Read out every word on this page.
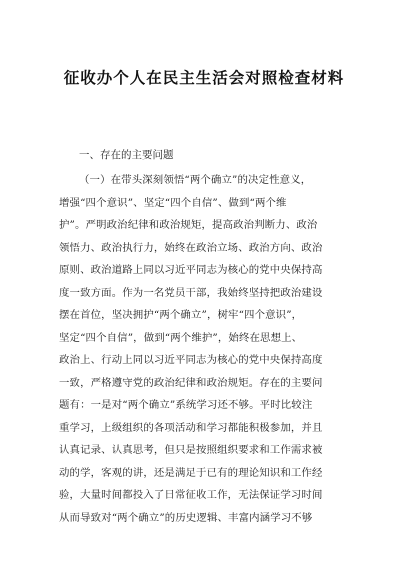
征收办个人在民主生活会对照检查材料
一、存在的主要问题
（一）在带头深刻领悟“两个确立”的决定性意义，
增强“四个意识”、坚定“四个自信”、做到“两个维
护”。严明政治纪律和政治规矩，提高政治判断力、政治
领悟力、政治执行力，始终在政治立场、政治方向、政治
原则、政治道路上同以习近平同志为核心的党中央保持高
度一致方面。作为一名党员干部，我始终坚持把政治建设
摆在首位，坚决拥护“两个确立”，树牢“四个意识”，
坚定“四个自信”，做到“两个维护”，始终在思想上、
政治上、行动上同以习近平同志为核心的党中央保持高度
一致，严格遵守党的政治纪律和政治规矩。存在的主要问
题有：一是对“两个确立”系统学习还不够。平时比较注
重学习，上级组织的各项活动和学习都能积极参加，并且
认真记录、认真思考，但只是按照组织要求和工作需求被
动的学，客观的讲，还是满足于已有的理论知识和工作经
验，大量时间都投入了日常征收工作，无法保证学习时间
从而导致对“两个确立”的历史逻辑、丰富内涵学习不够
